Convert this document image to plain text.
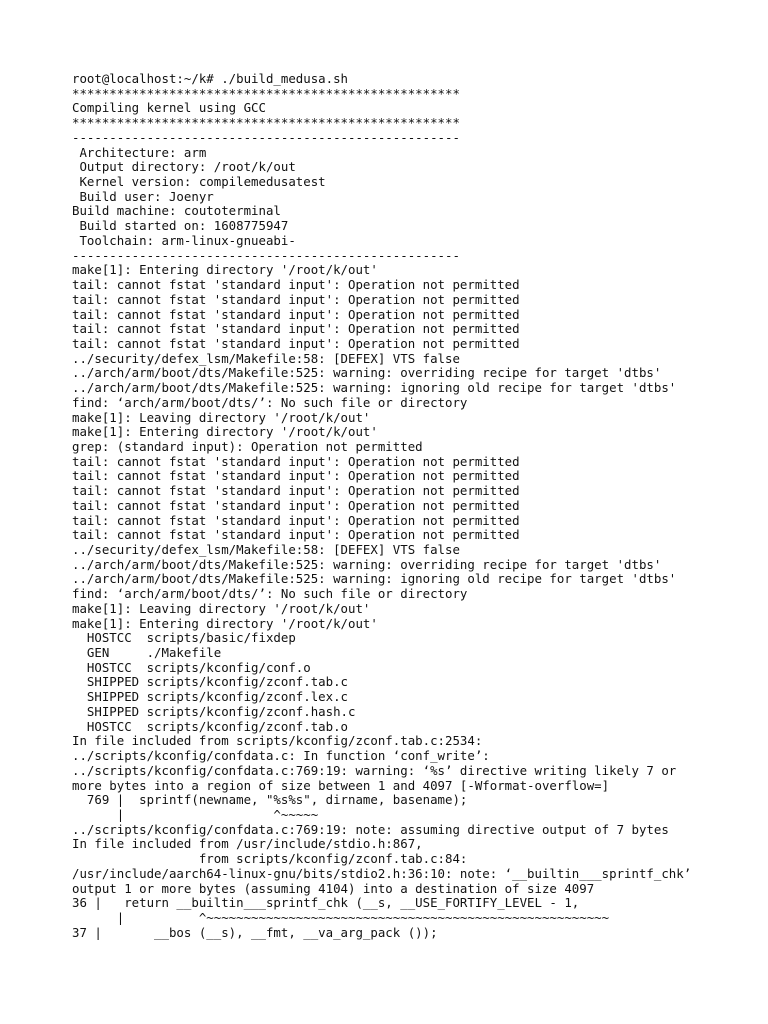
root@localhost:~/k# ./build_medusa.sh
****************************************************
Compiling kernel using GCC
****************************************************
----------------------------------------------------
Architecture: arm
Output directory: /root/k/out
Kernel version: compilemedusatest
Build user: Joenyr
Build machine: coutoterminal
Build started on: 1608775947
Toolchain: arm-linux-gnueabi-
----------------------------------------------------
make[1]: Entering directory '/root/k/out'
tail: cannot fstat 'standard input': Operation not permitted
tail: cannot fstat 'standard input': Operation not permitted
tail: cannot fstat 'standard input': Operation not permitted
tail: cannot fstat 'standard input': Operation not permitted
tail: cannot fstat 'standard input': Operation not permitted
../security/defex_lsm/Makefile:58: [DEFEX] VTS false
../arch/arm/boot/dts/Makefile:525: warning: overriding recipe for target 'dtbs'
../arch/arm/boot/dts/Makefile:525: warning: ignoring old recipe for target 'dtbs'
find: ‘arch/arm/boot/dts/’: No such file or directory
make[1]: Leaving directory '/root/k/out'
make[1]: Entering directory '/root/k/out'
grep: (standard input): Operation not permitted
tail: cannot fstat 'standard input': Operation not permitted
tail: cannot fstat 'standard input': Operation not permitted
tail: cannot fstat 'standard input': Operation not permitted
tail: cannot fstat 'standard input': Operation not permitted
tail: cannot fstat 'standard input': Operation not permitted
tail: cannot fstat 'standard input': Operation not permitted
../security/defex_lsm/Makefile:58: [DEFEX] VTS false
../arch/arm/boot/dts/Makefile:525: warning: overriding recipe for target 'dtbs'
../arch/arm/boot/dts/Makefile:525: warning: ignoring old recipe for target 'dtbs'
find: ‘arch/arm/boot/dts/’: No such file or directory
make[1]: Leaving directory '/root/k/out'
make[1]: Entering directory '/root/k/out'
HOSTCC  scripts/basic/fixdep
GEN     ./Makefile
HOSTCC  scripts/kconfig/conf.o
SHIPPED scripts/kconfig/zconf.tab.c
SHIPPED scripts/kconfig/zconf.lex.c
SHIPPED scripts/kconfig/zconf.hash.c
HOSTCC  scripts/kconfig/zconf.tab.o
In file included from scripts/kconfig/zconf.tab.c:2534:
../scripts/kconfig/confdata.c: In function ‘conf_write’:
../scripts/kconfig/confdata.c:769:19: warning: ‘%s’ directive writing likely 7 or
more bytes into a region of size between 1 and 4097 [-Wformat-overflow=]
769 |  sprintf(newname, "%s%s", dirname, basename);
|                    ^~~~~~
../scripts/kconfig/confdata.c:769:19: note: assuming directive output of 7 bytes
In file included from /usr/include/stdio.h:867,
from scripts/kconfig/zconf.tab.c:84:
/usr/include/aarch64-linux-gnu/bits/stdio2.h:36:10: note: ‘__builtin___sprintf_chk’
output 1 or more bytes (assuming 4104) into a destination of size 4097
36 |   return __builtin___sprintf_chk (__s, __USE_FORTIFY_LEVEL - 1,
|          ^~~~~~~~~~~~~~~~~~~~~~~~~~~~~~~~~~~~~~~~~~~~~~~~~~~~~~~
37 |       __bos (__s), __fmt, __va_arg_pack ());
